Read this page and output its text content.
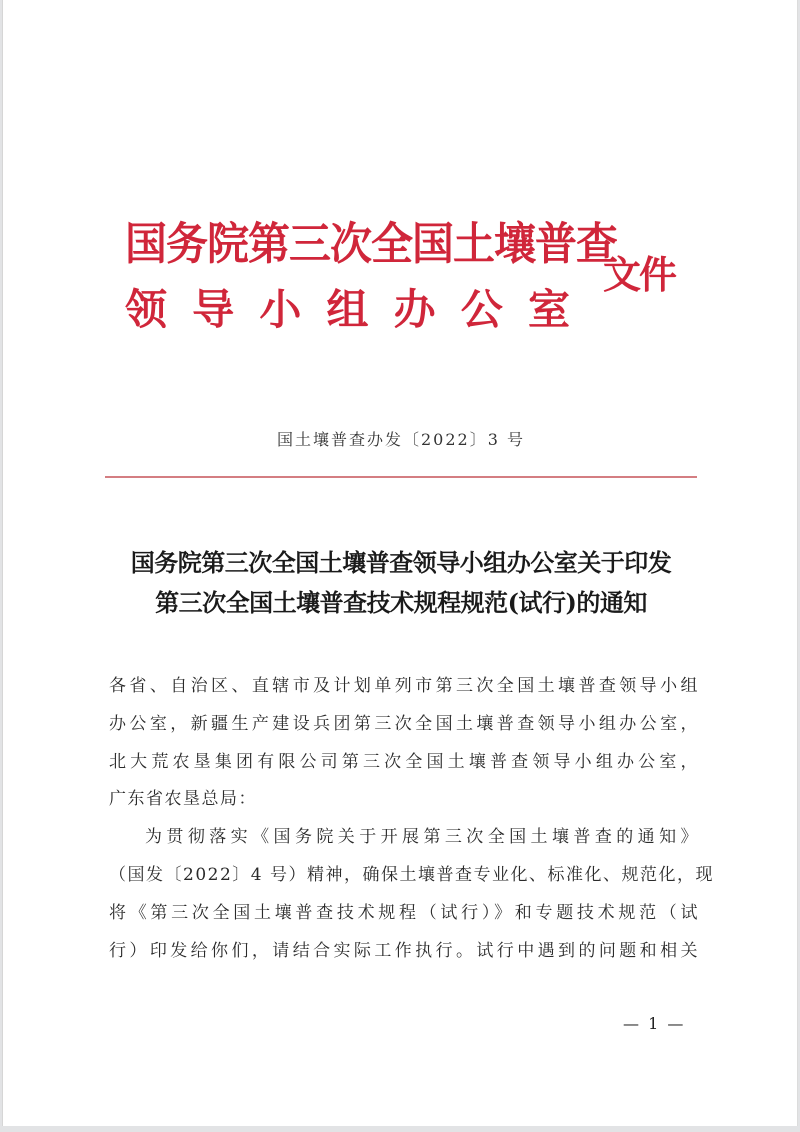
国务院第三次全国土壤普查
领 导 小 组 办 公 室
文件
国土壤普查办发〔2022〕3 号
国务院第三次全国土壤普查领导小组办公室关于印发
第三次全国土壤普查技术规程规范(试行)的通知
各省、自治区、直辖市及计划单列市第三次全国土壤普查领导小组
办公室，新疆生产建设兵团第三次全国土壤普查领导小组办公室，
北大荒农垦集团有限公司第三次全国土壤普查领导小组办公室，
广东省农垦总局：
为贯彻落实《国务院关于开展第三次全国土壤普查的通知》
（国发〔2022〕4 号）精神，确保土壤普查专业化、标准化、规范化，现
将《第三次全国土壤普查技术规程（试行）》和专题技术规范（试
行）印发给你们，请结合实际工作执行。试行中遇到的问题和相关
— 1 —
